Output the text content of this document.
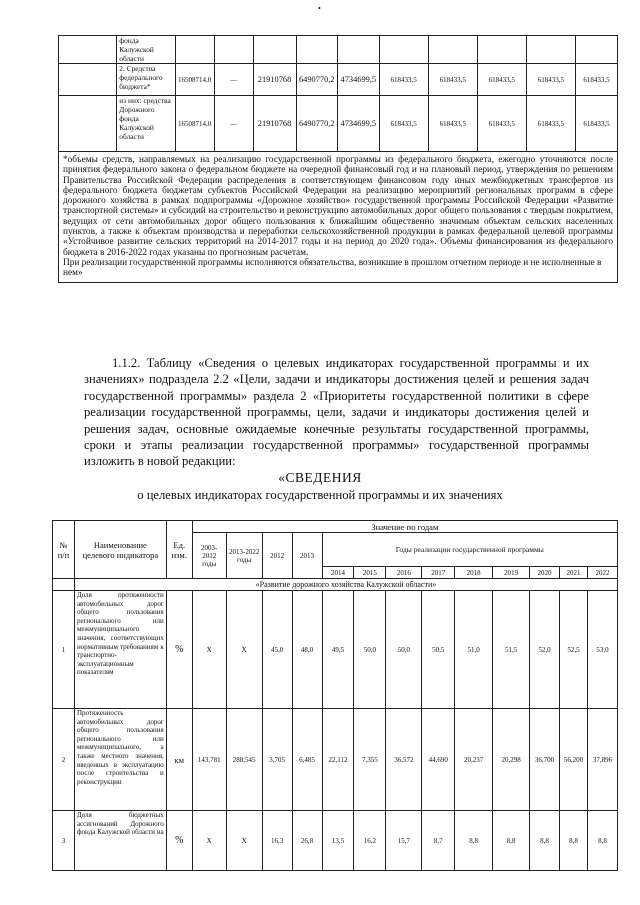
•
	фонда Калужской области										
	2. Средства федерального бюджета*	16508714,0	—	21910768	6490770,2	4734699,5	618433,5	618433,5	618433,5	618433,5	618433,5
	из них: средства Дорожного фонда Калужской области	16508714,0	—	21910768	6490770,2	4734699,5	618433,5	618433,5	618433,5	618433,5	618433,5

*объемы средств, направляемых на реализацию государственной программы из федерального бюджета, ежегодно уточняются после принятия федерального закона о федеральном бюджете на очередной финансовый год и на плановый период, утверждения по решениям Правительства Российской Федерации распределения в соответствующем финансовом году иных межбюджетных трансфертов из федерального бюджета бюджетам субъектов Российской Федерации на реализацию мероприятий региональных программ в сфере дорожного хозяйства в рамках подпрограммы «Дорожное хозяйство» государственной программы Российской Федерации «Развитие транспортной системы» и субсидий на строительство и реконструкцию автомобильных дорог общего пользования с твердым покрытием, ведущих от сети автомобильных дорог общего пользования к ближайшим общественно значимым объектам сельских населенных пунктов, а также к объектам производства и переработки сельскохозяйственной продукции в рамках федеральной целевой программы «Устойчивое развитие сельских территорий на 2014-2017 годы и на период до 2020 года». Объемы финансирования из федерального бюджета в 2016-2022 годах указаны по прогнозным расчетам.
При реализации государственной программы исполняются обязательства, возникшие в прошлом отчетном периоде и не исполненные в нем»											

1.1.2. Таблицу «Сведения о целевых индикаторах государственной программы и их значениях» подраздела 2.2 «Цели, задачи и индикаторы достижения целей и решения задач государственной программы» раздела 2 «Приоритеты государственной политики в сфере реализации государственной программы, цели, задачи и индикаторы достижения целей и решения задач, основные ожидаемые конечные результаты государственной программы, сроки и этапы реализации государственной программы» государственной программы изложить в новой редакции:

«СВЕДЕНИЯ
о целевых индикаторах государственной программы и их значениях
№ п/п	Наименование целевого индикатора	Ед. изм.	Значение по годам												
			2003-2012 годы	2013-2022 годы	2012	2013	Годы реализации государственной программы								
							2014	2015	2016	2017	2018	2019	2020	2021	2022
	«Развитие дорожного хозяйства Калужской области»														
1	Доля протяженности автомобильных дорог общего пользования регионального или межмуниципального значения, соответствующих нормативным требованиям к транспортно-эксплуатационным показателям	%	Х	Х	45,0	48,0	49,5	50,0	50,0	50,5	51,0	51,5	52,0	52,5	53,0
2	Протяженность автомобильных дорог общего пользования регионального или межмуниципального, а также местного значения, введенных в эксплуатацию после строительства и реконструкции	км	143,781	288,545	3,705	6,485	22,112	7,355	36,572	44,690	20,237	20,298	36,700	56,200	37,896
3	Доля бюджетных ассигнований Дорожного фонда Калужской области на	%	Х	Х	16,3	26,8	13,5	16,2	15,7	8,7	8,8	8,8	8,8	8,8	8,8
